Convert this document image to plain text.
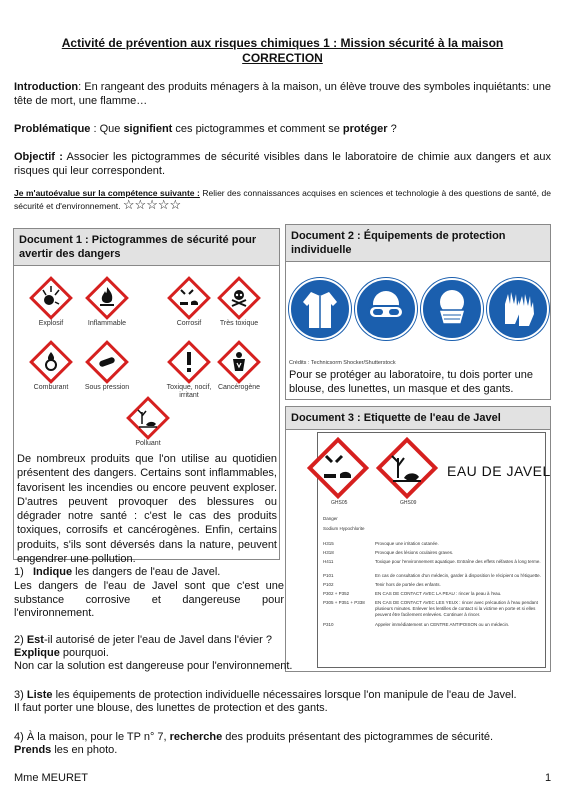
Activité de prévention aux risques chimiques 1 : Mission sécurité à la maison
CORRECTION
Introduction: En rangeant des produits ménagers à la maison, un élève trouve des symboles inquiétants: une tête de mort, une flamme…
Problématique : Que signifient ces pictogrammes et comment se protéger ?
Objectif : Associer les pictogrammes de sécurité visibles dans le laboratoire de chimie aux dangers et aux risques qui leur correspondent.
Je m'autoévalue sur la compétence suivante : Relier des connaissances acquises en sciences et technologie à des questions de santé, de sécurité et d'environnement. ☆☆☆☆☆
Document 1 : Pictogrammes de sécurité pour avertir des dangers
Explosif	Inflammable	Corrosif	Très toxique
Comburant	Sous pression	Toxique, nocif, irritant
Cancérogène
Polluant
De nombreux produits que l'on utilise au quotidien présentent des dangers. Certains sont inflammables, favorisent les incendies ou encore peuvent exploser. D'autres peuvent provoquer des blessures ou dégrader notre santé : c'est le cas des produits toxiques, corrosifs et cancérogènes. Enfin, certains produits, s'ils sont déversés dans la nature, peuvent engendrer une pollution.
Document 2 : Équipements de protection individuelle
Crédits : Technicsorm Shocker/Shutterstock
Pour se protéger au laboratoire, tu dois porter une blouse, des lunettes, un masque et des gants.
Document 3 : Etiquette de l'eau de Javel
GHS05	GHS09
EAU DE JAVEL
Danger
Sodium Hypochlorite
H315	Provoque une irritation cutanée.
H318	Provoque des lésions oculaires graves.
H411	Toxique pour l'environnement aquatique. Entraîne des effets néfastes à long terme.
P101	En cas de consultation d'un médecin, garder à disposition le récipient ou l'étiquette.
P102	Tenir hors de portée des enfants.
P302 + P352	EN CAS DE CONTACT AVEC LA PEAU : rincer la peau à l'eau.
P305 + P351 + P338 EN CAS DE CONTACT AVEC LES YEUX : rincer avec précaution à l'eau pendant plusieurs minutes. Enlever les lentilles de contact si la victime en porte et si elles peuvent être facilement enlevées. Continuer à rincer.
P310	Appeler immédiatement un CENTRE ANTIPOISON ou un médecin.
1) Indique les dangers de l'eau de Javel.
Les dangers de l'eau de Javel sont que c'est une substance corrosive et dangereuse pour l'environnement.
2) Est-il autorisé de jeter l'eau de Javel dans l'évier ?
Explique pourquoi.
Non car la solution est dangereuse pour l'environnement.
3) Liste les équipements de protection individuelle nécessaires lorsque l'on manipule de l'eau de Javel.
Il faut porter une blouse, des lunettes de protection et des gants.
4) À la maison, pour le TP n° 7, recherche des produits présentant des pictogrammes de sécurité.
Prends les en photo.
Mme MEURET	1
